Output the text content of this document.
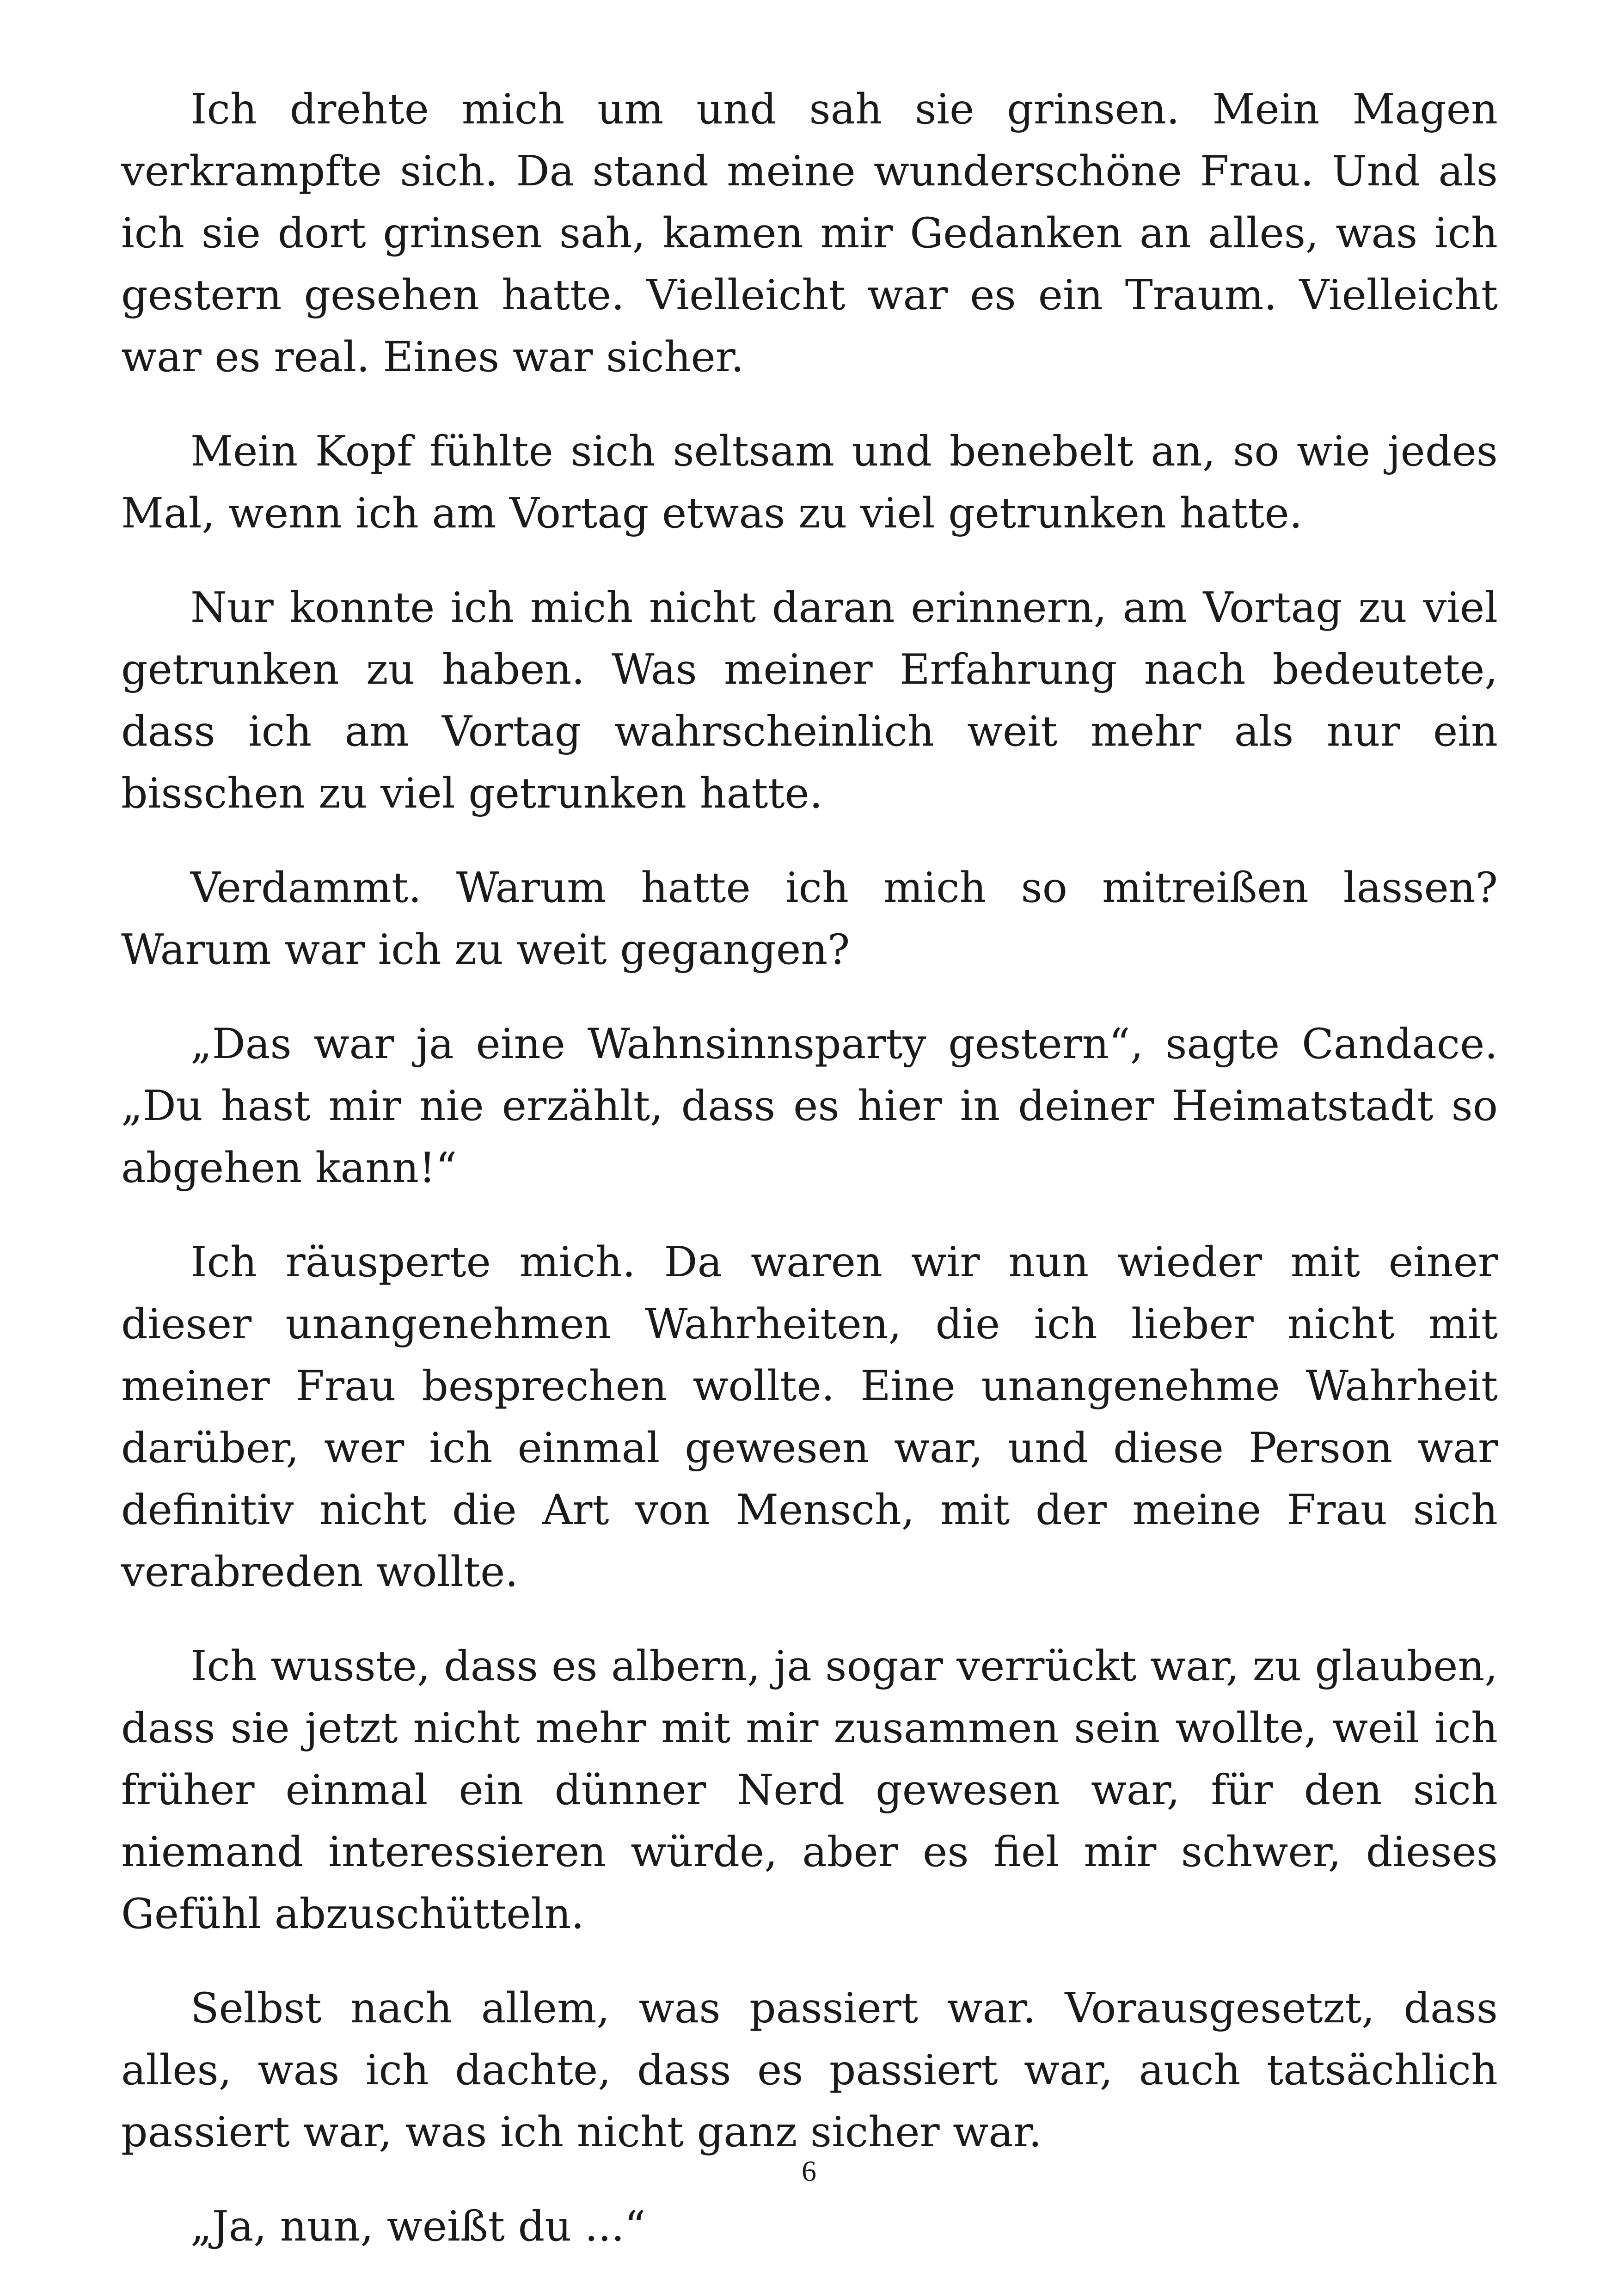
Ich drehte mich um und sah sie grinsen. Mein Magen verkrampfte sich. Da stand meine wunderschöne Frau. Und als ich sie dort grinsen sah, kamen mir Gedanken an alles, was ich gestern gesehen hatte. Vielleicht war es ein Traum. Vielleicht war es real. Eines war sicher.

Mein Kopf fühlte sich seltsam und benebelt an, so wie jedes Mal, wenn ich am Vortag etwas zu viel getrunken hatte.

Nur konnte ich mich nicht daran erinnern, am Vortag zu viel getrunken zu haben. Was meiner Erfahrung nach bedeutete, dass ich am Vortag wahrscheinlich weit mehr als nur ein bisschen zu viel getrunken hatte.

Verdammt. Warum hatte ich mich so mitreißen lassen? Warum war ich zu weit gegangen?

„Das war ja eine Wahnsinnsparty gestern“, sagte Candace. „Du hast mir nie erzählt, dass es hier in deiner Heimatstadt so abgehen kann!“

Ich räusperte mich. Da waren wir nun wieder mit einer dieser unangenehmen Wahrheiten, die ich lieber nicht mit meiner Frau besprechen wollte. Eine unangenehme Wahrheit darüber, wer ich einmal gewesen war, und diese Person war definitiv nicht die Art von Mensch, mit der meine Frau sich verabreden wollte.

Ich wusste, dass es albern, ja sogar verrückt war, zu glauben, dass sie jetzt nicht mehr mit mir zusammen sein wollte, weil ich früher einmal ein dünner Nerd gewesen war, für den sich niemand interessieren würde, aber es fiel mir schwer, dieses Gefühl abzuschütteln.

Selbst nach allem, was passiert war. Vorausgesetzt, dass alles, was ich dachte, dass es passiert war, auch tatsächlich passiert war, was ich nicht ganz sicher war.

„Ja, nun, weißt du ...“

6
